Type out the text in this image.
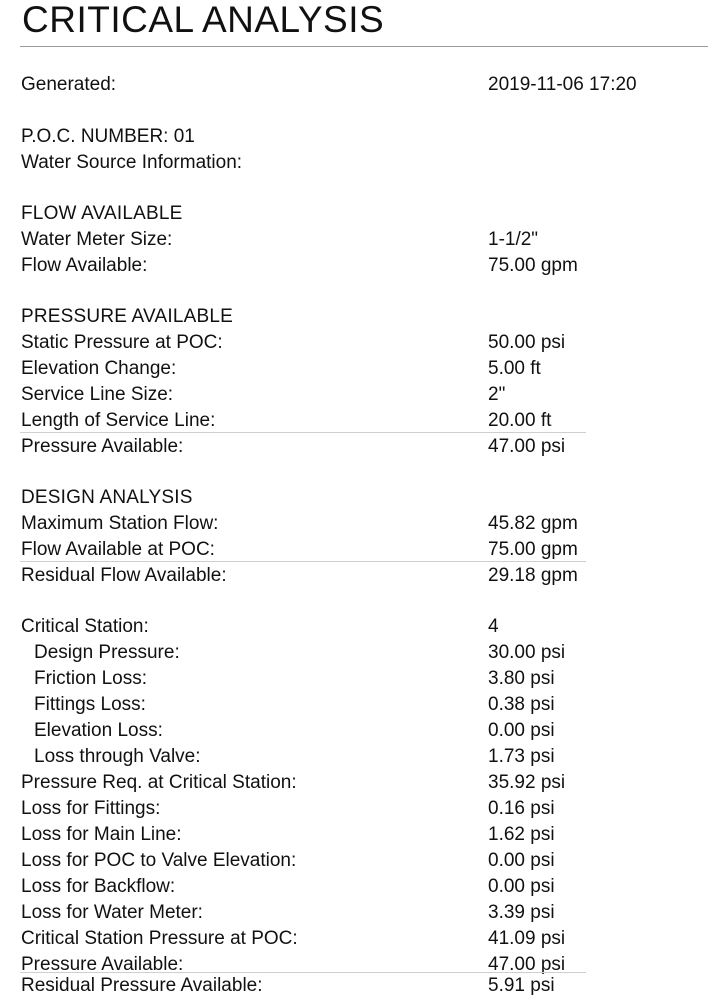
CRITICAL ANALYSIS
Generated:	2019-11-06 17:20
P.O.C. NUMBER: 01
Water Source Information:
FLOW AVAILABLE
Water Meter Size:	1-1/2"
Flow Available:	75.00 gpm
PRESSURE AVAILABLE
Static Pressure at POC:	50.00 psi
Elevation Change:	5.00 ft
Service Line Size:	2"
Length of Service Line:	20.00 ft
Pressure Available:	47.00 psi
DESIGN ANALYSIS
Maximum Station Flow:	45.82 gpm
Flow Available at POC:	75.00 gpm
Residual Flow Available:	29.18 gpm
Critical Station:	4
Design Pressure:	30.00 psi
Friction Loss:	3.80 psi
Fittings Loss:	0.38 psi
Elevation Loss:	0.00 psi
Loss through Valve:	1.73 psi
Pressure Req. at Critical Station:	35.92 psi
Loss for Fittings:	0.16 psi
Loss for Main Line:	1.62 psi
Loss for POC to Valve Elevation:	0.00 psi
Loss for Backflow:	0.00 psi
Loss for Water Meter:	3.39 psi
Critical Station Pressure at POC:	41.09 psi
Pressure Available:	47.00 psi
Residual Pressure Available:	5.91 psi
